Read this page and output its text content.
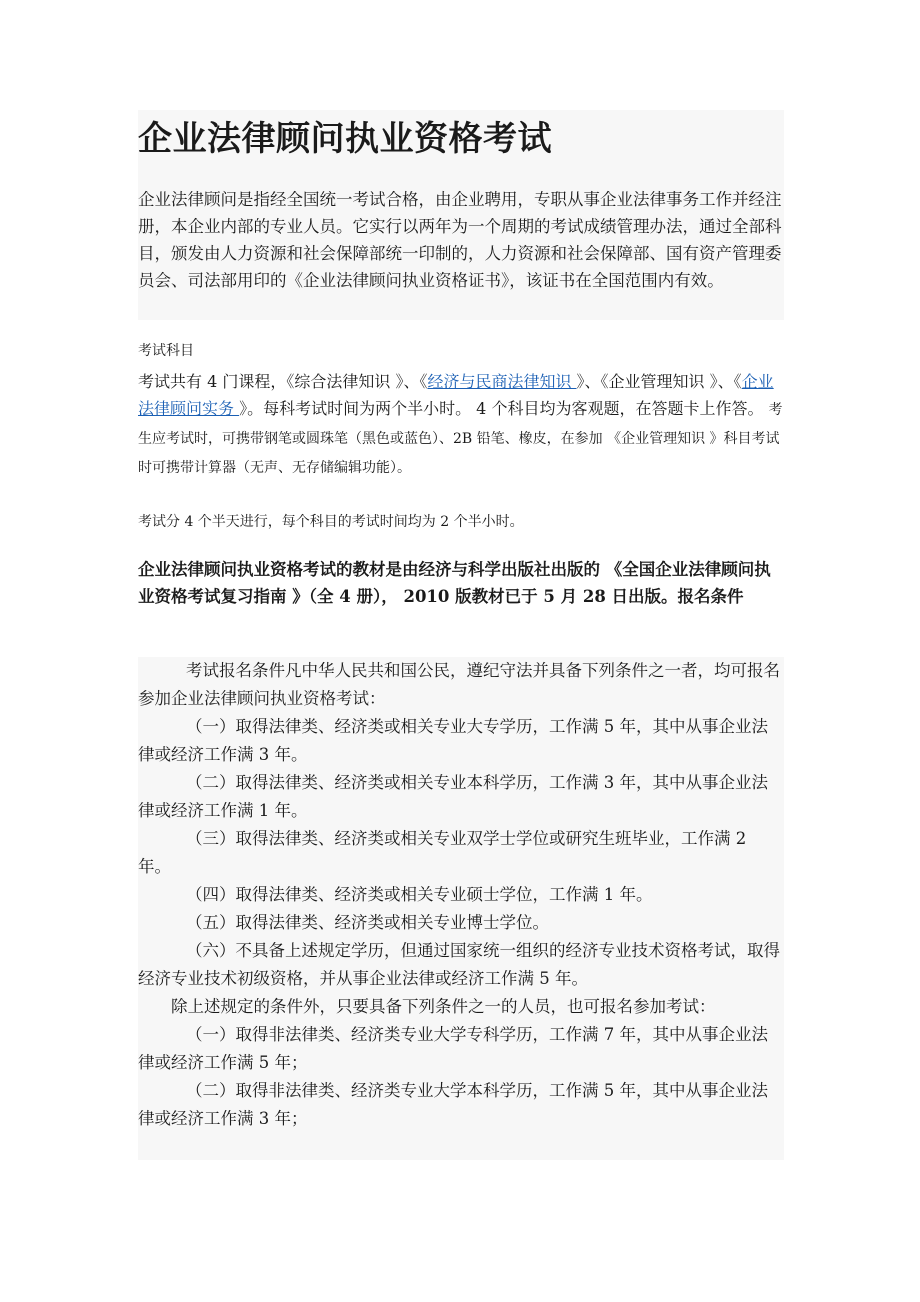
企业法律顾问执业资格考试
企业法律顾问是指经全国统一考试合格，由企业聘用，专职从事企业法律事务工作并经注册，本企业内部的专业人员。它实行以两年为一个周期的考试成绩管理办法，通过全部科目，颁发由人力资源和社会保障部统一印制的，人力资源和社会保障部、国有资产管理委员会、司法部用印的《企业法律顾问执业资格证书》，该证书在全国范围内有效。
考试科目
考试共有 4 门课程，《综合法律知识 》、《经济与民商法律知识 》、《企业管理知识 》、《企业法律顾问实务 》。每科考试时间为两个半小时。 4 个科目均为客观题，在答题卡上作答。 考生应考试时，可携带钢笔或圆珠笔（黑色或蓝色）、2B 铅笔、橡皮，在参加 《企业管理知识 》科目考试时可携带计算器（无声、无存储编辑功能）。
考试分 4 个半天进行，每个科目的考试时间均为 2 个半小时。
企业法律顾问执业资格考试的教材是由经济与科学出版社出版的 《全国企业法律顾问执业资格考试复习指南 》（全 4 册）， 2010 版教材已于 5 月 28 日出版。报名条件
考试报名条件凡中华人民共和国公民，遵纪守法并具备下列条件之一者，均可报名参加企业法律顾问执业资格考试：
（一）取得法律类、经济类或相关专业大专学历，工作满 5 年，其中从事企业法律或经济工作满 3 年。
（二）取得法律类、经济类或相关专业本科学历，工作满 3 年，其中从事企业法律或经济工作满 1 年。
（三）取得法律类、经济类或相关专业双学士学位或研究生班毕业，工作满 2 年。
（四）取得法律类、经济类或相关专业硕士学位，工作满 1 年。
（五）取得法律类、经济类或相关专业博士学位。
（六）不具备上述规定学历，但通过国家统一组织的经济专业技术资格考试，取得经济专业技术初级资格，并从事企业法律或经济工作满 5 年。
除上述规定的条件外，只要具备下列条件之一的人员，也可报名参加考试：
（一）取得非法律类、经济类专业大学专科学历，工作满 7 年，其中从事企业法律或经济工作满 5 年；
（二）取得非法律类、经济类专业大学本科学历，工作满 5 年，其中从事企业法律或经济工作满 3 年；
